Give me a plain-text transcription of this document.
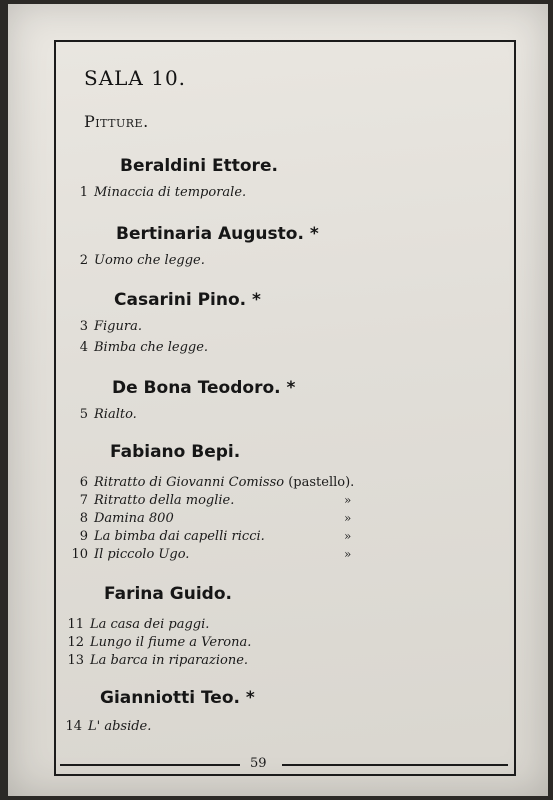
SALA 10.
Pitture.
Beraldini Ettore.
1 Minaccia di temporale.
Bertinaria Augusto. *
2 Uomo che legge.
Casarini Pino. *
3 Figura.
4 Bimba che legge.
De Bona Teodoro. *
5 Rialto.
Fabiano Bepi.
6 Ritratto di Giovanni Comisso (pastello).
7 Ritratto della moglie.	»
8 Damina 800	»
9 La bimba dai capelli ricci.	»
10 Il piccolo Ugo.	»
Farina Guido.
11 La casa dei paggi.
12 Lungo il fiume a Verona.
13 La barca in riparazione.
Gianniotti Teo. *
14 L' abside.
59
